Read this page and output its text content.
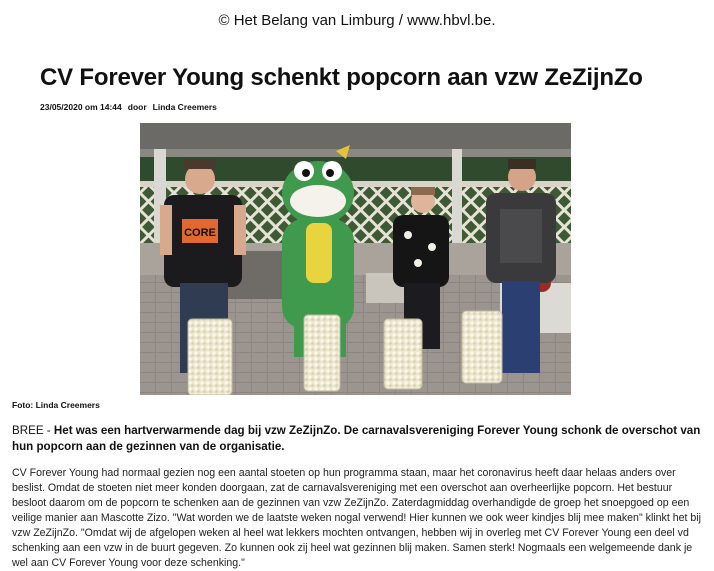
© Het Belang van Limburg / www.hbvl.be.
CV Forever Young schenkt popcorn aan vzw ZeZijnZo
23/05/2020 om 14:44 door Linda Creemers
CORE
Foto: Linda Creemers
BREE - Het was een hartverwarmende dag bij vzw ZeZijnZo. De carnavalsvereniging Forever Young schonk de overschot van hun popcorn aan de gezinnen van de organisatie.
CV Forever Young had normaal gezien nog een aantal stoeten op hun programma staan, maar het coronavirus heeft daar helaas anders over beslist. Omdat de stoeten niet meer konden doorgaan, zat de carnavalsvereniging met een overschot aan overheerlijke popcorn. Het bestuur besloot daarom om de popcorn te schenken aan de gezinnen van vzw ZeZijnZo. Zaterdagmiddag overhandigde de groep het snoepgoed op een veilige manier aan Mascotte Zizo. "Wat worden we de laatste weken nogal verwend! Hier kunnen we ook weer kindjes blij mee maken" klinkt het bij vzw ZeZijnZo. "Omdat wij de afgelopen weken al heel wat lekkers mochten ontvangen, hebben wij in overleg met CV Forever Young een deel vd schenking aan een vzw in de buurt gegeven. Zo kunnen ook zij heel wat gezinnen blij maken. Samen sterk! Nogmaals een welgemeende dank je wel aan CV Forever Young voor deze schenking."
